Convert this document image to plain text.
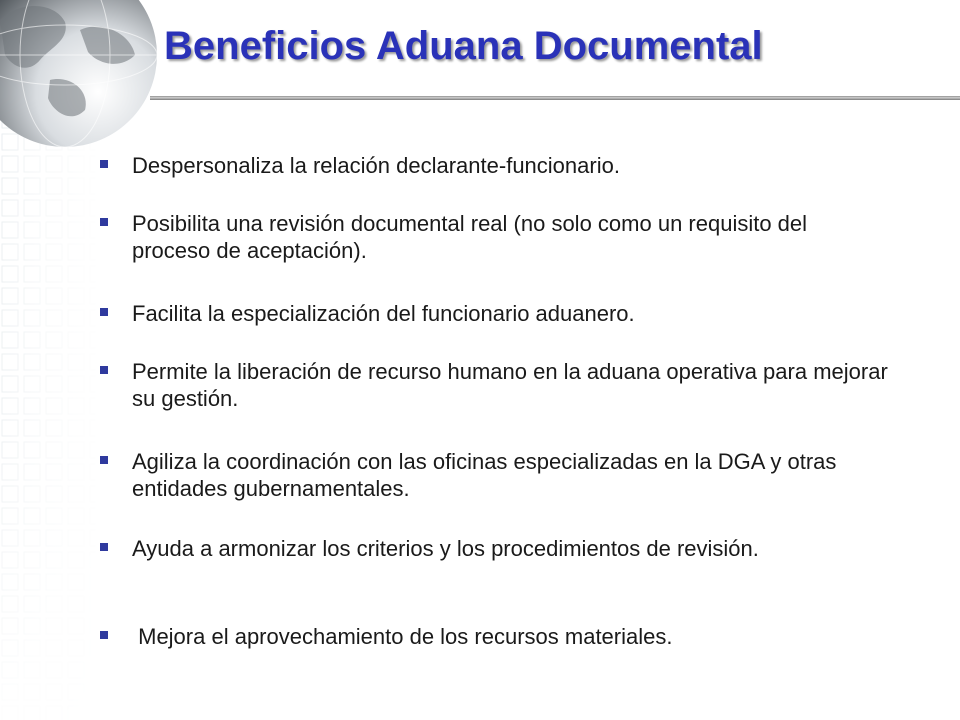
Beneficios Aduana Documental
Despersonaliza la relación declarante-funcionario.
Posibilita una revisión documental real (no solo como un requisito del proceso de aceptación).
Facilita la especialización del funcionario aduanero.
Permite la liberación de recurso humano en la aduana operativa para mejorar su gestión.
Agiliza la coordinación con las oficinas especializadas en la DGA y otras entidades gubernamentales.
Ayuda a armonizar los criterios y los procedimientos de revisión.
Mejora el aprovechamiento de los recursos materiales.
